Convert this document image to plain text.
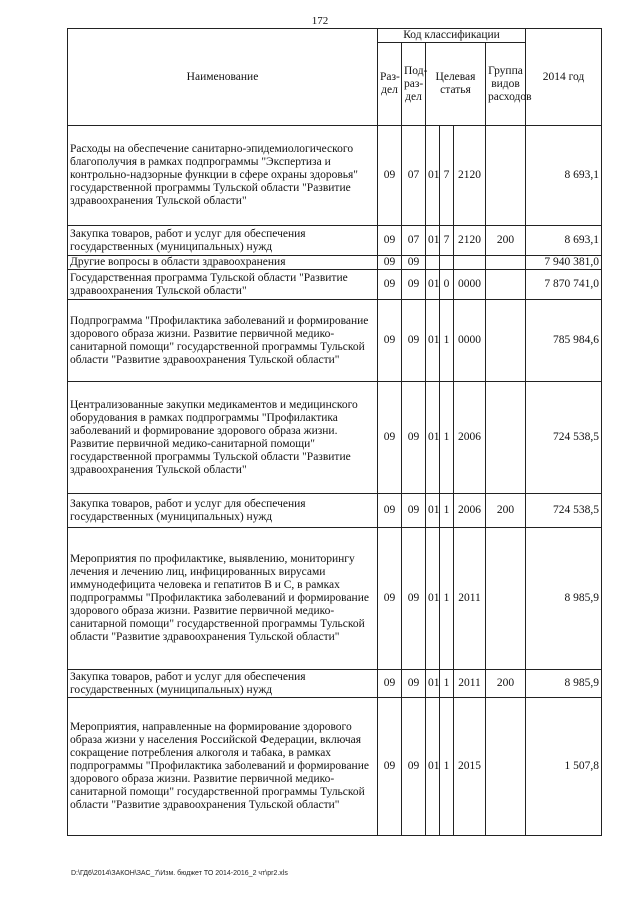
172
Наименование	Код классификации						2014 год
	Раз-дел	Под-раз-дел	Целевая статья			Группа видов расходов	
Расходы на обеспечение санитарно-эпидемиологического благополучия в рамках подпрограммы "Экспертиза и контрольно-надзорные функции в сфере охраны здоровья" государственной программы Тульской области "Развитие здравоохранения Тульской области"	09	07	01	7	2120		8 693,1
Закупка товаров, работ и услуг для обеспечения государственных (муниципальных) нужд	09	07	01	7	2120	200	8 693,1
Другие вопросы в области здравоохранения	09	09					7 940 381,0
Государственная программа Тульской области "Развитие здравоохранения Тульской области"	09	09	01	0	0000		7 870 741,0
Подпрограмма "Профилактика заболеваний и формирование здорового образа жизни. Развитие первичной медико-санитарной помощи" государственной программы Тульской области "Развитие здравоохранения Тульской области"	09	09	01	1	0000		785 984,6
Централизованные закупки медикаментов и медицинского оборудования в рамках подпрограммы "Профилактика заболеваний и формирование здорового образа жизни. Развитие первичной медико-санитарной помощи" государственной программы Тульской области "Развитие здравоохранения Тульской области"	09	09	01	1	2006		724 538,5
Закупка товаров, работ и услуг для обеспечения государственных (муниципальных) нужд	09	09	01	1	2006	200	724 538,5
Мероприятия по профилактике, выявлению, мониторингу лечения и лечению лиц, инфицированных вирусами иммунодефицита человека и гепатитов В и С, в рамках подпрограммы "Профилактика заболеваний и формирование здорового образа жизни. Развитие первичной медико-санитарной помощи" государственной программы Тульской области "Развитие здравоохранения Тульской области"	09	09	01	1	2011		8 985,9
Закупка товаров, работ и услуг для обеспечения государственных (муниципальных) нужд	09	09	01	1	2011	200	8 985,9
Мероприятия, направленные на формирование здорового образа жизни у населения Российской Федерации, включая сокращение потребления алкоголя и табака, в рамках подпрограммы "Профилактика заболеваний и формирование здорового образа жизни. Развитие первичной медико-санитарной помощи" государственной программы Тульской области "Развитие здравоохранения Тульской области"	09	09	01	1	2015		1 507,8
D:\ГД6\2014\ЗАКОН\ЗАС_7\Изм. бюджет ТО 2014-2016_2 чт\pr2.xls
